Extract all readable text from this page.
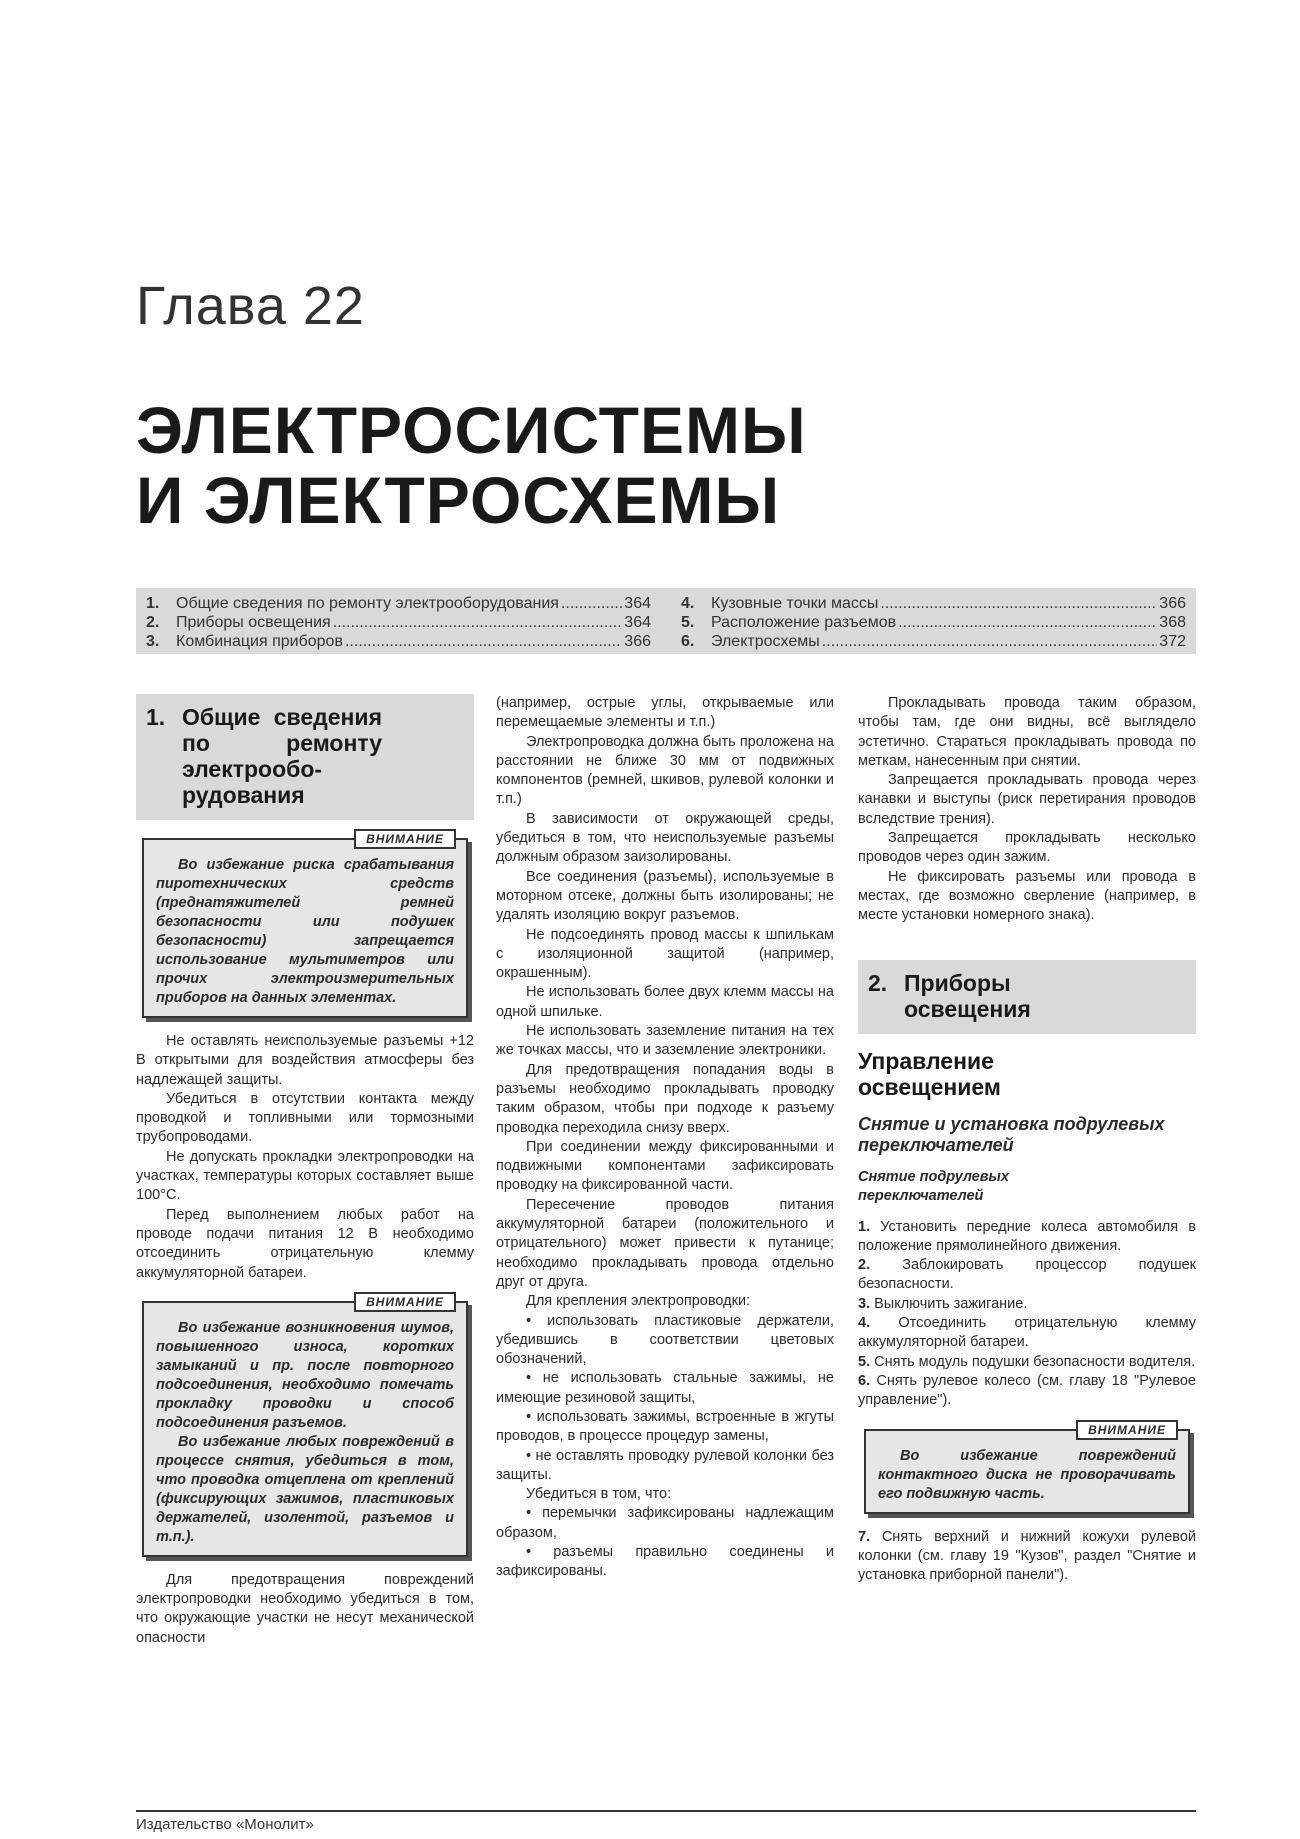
Глава 22
ЭЛЕКТРОСИСТЕМЫ
И ЭЛЕКТРОСХЕМЫ
1.	Общие сведения по ремонту электрооборудования .....	364
2.	Приборы освещения .....	364
3.	Комбинация приборов .....	366
4.	Кузовные точки массы .....	366
5.	Расположение разъемов .....	368
6.	Электросхемы .....	372
1. Общие сведения по ремонту электрообо-рудования
ВНИМАНИЕ

Во избежание риска срабатывания пиротехнических средств (преднатяжителей ремней безопасности или подушек безопасности) запрещается использование мультиметров или прочих электроизмерительных приборов на данных элементах.

Не оставлять неиспользуемые разъемы +12 В открытыми для воздействия атмосферы без надлежащей защиты.

Убедиться в отсутствии контакта между проводкой и топливными или тормозными трубопроводами.

Не допускать прокладки электропроводки на участках, температуры которых составляет выше 100°С.

Перед выполнением любых работ на проводе подачи питания 12 В необходимо отсоединить отрицательную клемму аккумуляторной батареи.

ВНИМАНИЕ

Во избежание возникновения шумов, повышенного износа, коротких замыканий и пр. после повторного подсоединения, необходимо помечать прокладку проводки и способ подсоединения разъемов.

Во избежание любых повреждений в процессе снятия, убедиться в том, что проводка отцеплена от креплений (фиксирующих зажимов, пластиковых держателей, изолентой, разъемов и т.п.).

Для предотвращения повреждений электропроводки необходимо убедиться в том, что окружающие участки не несут механической опасности

(например, острые углы, открываемые или перемещаемые элементы и т.п.)

Электропроводка должна быть проложена на расстоянии не ближе 30 мм от подвижных компонентов (ремней, шкивов, рулевой колонки и т.п.)

В зависимости от окружающей среды, убедиться в том, что неиспользуемые разъемы должным образом заизолированы.

Все соединения (разъемы), используемые в моторном отсеке, должны быть изолированы; не удалять изоляцию вокруг разъемов.

Не подсоединять провод массы к шпилькам с изоляционной защитой (например, окрашенным).

Не использовать более двух клемм массы на одной шпильке.

Не использовать заземление питания на тех же точках массы, что и заземление электроники.

Для предотвращения попадания воды в разъемы необходимо прокладывать проводку таким образом, чтобы при подходе к разъему проводка переходила снизу вверх.

При соединении между фиксированными и подвижными компонентами зафиксировать проводку на фиксированной части.

Пересечение проводов питания аккумуляторной батареи (положительного и отрицательного) может привести к путанице; необходимо прокладывать провода отдельно друг от друга.

Для крепления электропроводки:

• использовать пластиковые держатели, убедившись в соответствии цветовых обозначений,

• не использовать стальные зажимы, не имеющие резиновой защиты,

• использовать зажимы, встроенные в жгуты проводов, в процессе процедур замены,

• не оставлять проводку рулевой колонки без защиты.

Убедиться в том, что:

• перемычки зафиксированы надлежащим образом,

• разъемы правильно соединены и зафиксированы.

Прокладывать провода таким образом, чтобы там, где они видны, всё выглядело эстетично. Стараться прокладывать провода по меткам, нанесенным при снятии.

Запрещается прокладывать провода через канавки и выступы (риск перетирания проводов вследствие трения).

Запрещается прокладывать несколько проводов через один зажим.

Не фиксировать разъемы или провода в местах, где возможно сверление (например, в месте установки номерного знака).

2. Приборы освещения
Управление освещением
Снятие и установка подрулевых переключателей
Снятие подрулевых переключателей

1. Установить передние колеса автомобиля в положение прямолинейного движения.

2. Заблокировать процессор подушек безопасности.

3. Выключить зажигание.

4. Отсоединить отрицательную клемму аккумуляторной батареи.

5. Снять модуль подушки безопасности водителя.

6. Снять рулевое колесо (см. главу 18 "Рулевое управление").

ВНИМАНИЕ

Во избежание повреждений контактного диска не проворачивать его подвижную часть.

7. Снять верхний и нижний кожухи рулевой колонки (см. главу 19 "Кузов", раздел "Снятие и установка приборной панели").

Издательство «Монолит»
